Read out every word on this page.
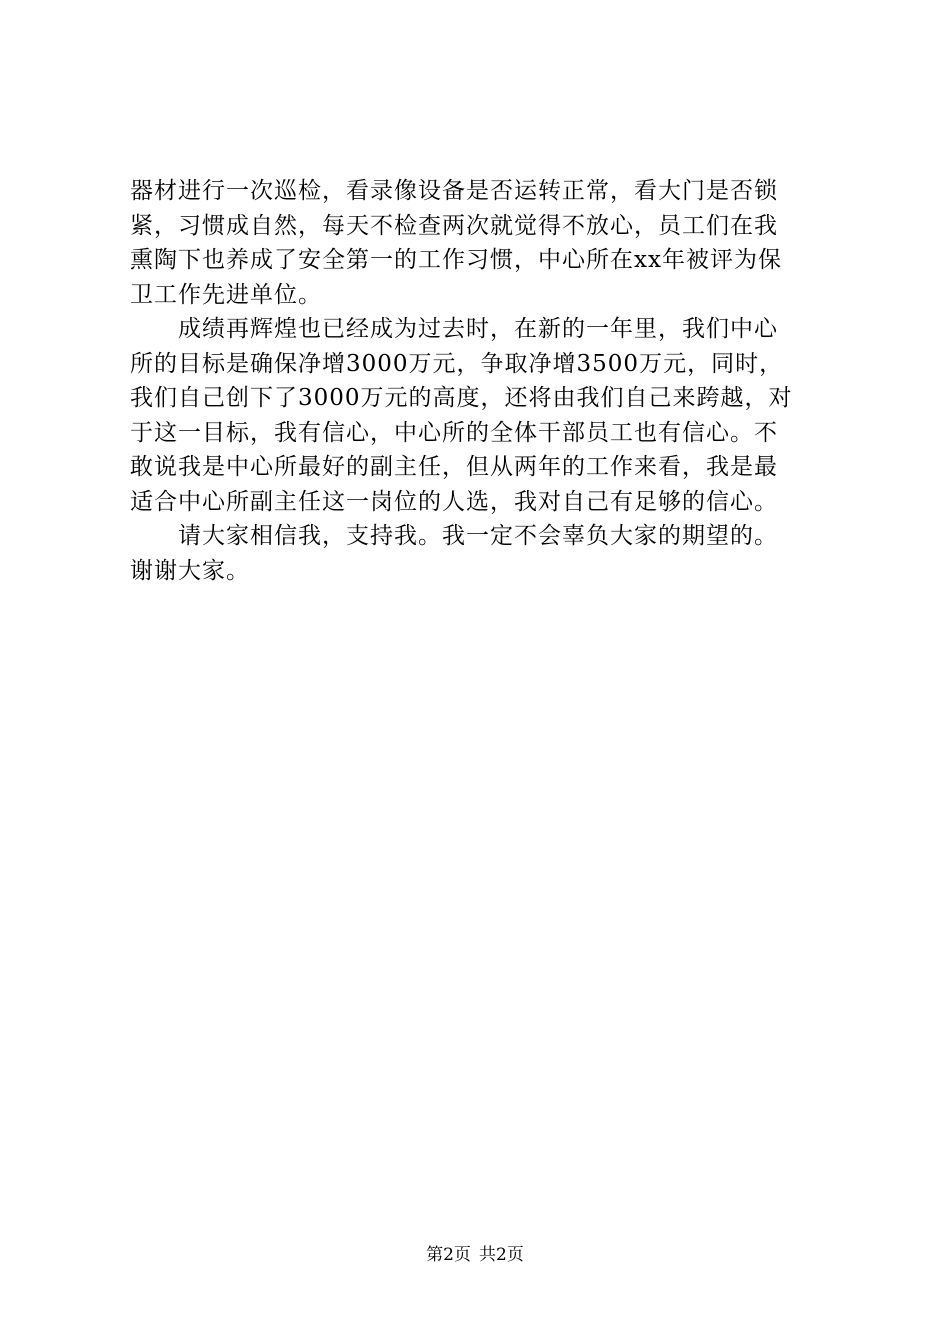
器材进行一次巡检，看录像设备是否运转正常，看大门是否锁
紧，习惯成自然，每天不检查两次就觉得不放心，员工们在我
熏陶下也养成了安全第一的工作习惯，中心所在xx年被评为保
卫工作先进单位。
成绩再辉煌也已经成为过去时，在新的一年里，我们中心
所的目标是确保净增3000万元，争取净增3500万元，同时，
我们自己创下了3000万元的高度，还将由我们自己来跨越，对
于这一目标，我有信心，中心所的全体干部员工也有信心。不
敢说我是中心所最好的副主任，但从两年的工作来看，我是最
适合中心所副主任这一岗位的人选，我对自己有足够的信心。
请大家相信我，支持我。我一定不会辜负大家的期望的。
谢谢大家。
第2页 共2页
